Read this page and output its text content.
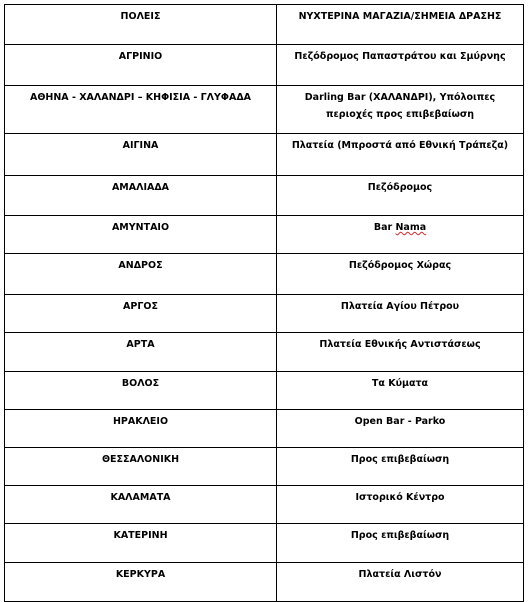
ΠΟΛΕΙΣ	ΝΥΧΤΕΡΙΝΑ ΜΑΓΑΖΙΑ/ΣΗΜΕΙΑ ΔΡΑΣΗΣ
ΑΓΡΙΝΙΟ	Πεζόδρομος Παπαστράτου και Σμύρνης
ΑΘΗΝΑ - ΧΑΛΑΝΔΡΙ – ΚΗΦΙΣΙΑ - ΓΛΥΦΑΔΑ	Darling Bar (ΧΑΛΑΝΔΡΙ), Υπόλοιπες περιοχές προς επιβεβαίωση
ΑΙΓΙΝΑ	Πλατεία (Μπροστά από Εθνική Τράπεζα)
ΑΜΑΛΙΑΔΑ	Πεζόδρομος
ΑΜΥΝΤΑΙΟ	Bar Nama
ΑΝΔΡΟΣ	Πεζόδρομος Χώρας
ΑΡΓΟΣ	Πλατεία Αγίου Πέτρου
ΑΡΤΑ	Πλατεία Εθνικής Αντιστάσεως
ΒΟΛΟΣ	Τα Κύματα
ΗΡΑΚΛΕΙΟ	Open Bar - Parko
ΘΕΣΣΑΛΟΝΙΚΗ	Προς επιβεβαίωση
ΚΑΛΑΜΑΤΑ	Ιστορικό Κέντρο
ΚΑΤΕΡΙΝΗ	Προς επιβεβαίωση
ΚΕΡΚΥΡΑ	Πλατεία Λιστόν
